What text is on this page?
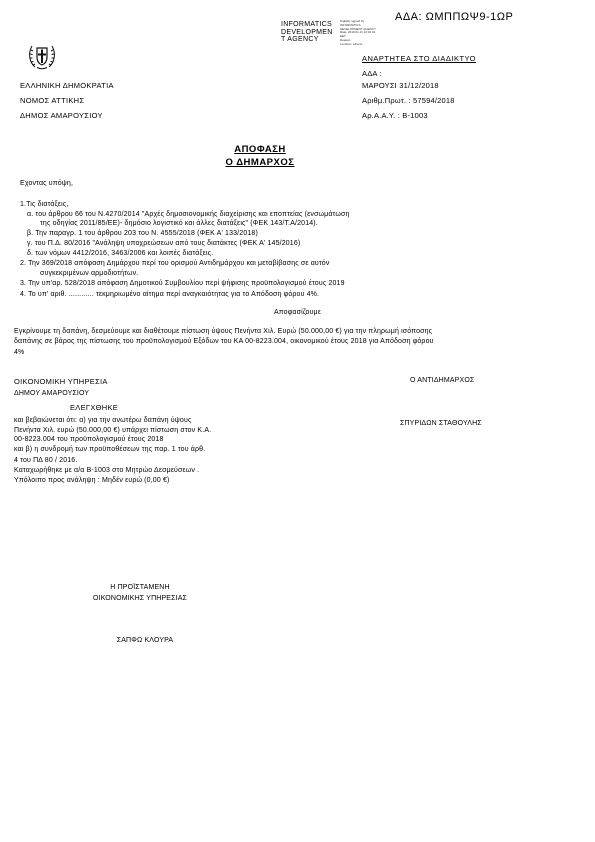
ΑΔΑ: ΩΜΠΠΩΨ9-1ΩΡ
INFORMATICS
DEVELOPMEN
T AGENCY
Digitally signed by
INFORMATICS
DEVELOPMENT AGENCY
Date: 2019.01.11 12:32:32
EET
Reason:
Location: Athens
ΕΛΛΗΝΙΚΗ ΔΗΜΟΚΡΑΤΙΑ
ΝΟΜΟΣ ΑΤΤΙΚΗΣ
ΔΗΜΟΣ ΑΜΑΡΟΥΣΙΟΥ
ΑΝΑΡΤΗΤΕΑ ΣΤΟ ΔΙΑΔΙΚΤΥΟ
ΑΔΑ :
ΜΑΡΟΥΣΙ 31/12/2018
Αριθμ.Πρωτ. : 57594/2018
Αρ.Α.Α.Υ. : Β-1003
ΑΠΟΦΑΣΗ
Ο ΔΗΜΑΡΧΟΣ
Εχοντας υπόψη,
1.Τις διατάξεις,
α. του άρθρου 66 του Ν.4270/2014 "Αρχές δημοσιονομικής διαχείρισης και εποπτείας (ενσωμάτωση
της οδηγίας 2011/85/ΕΕ)- δημόσιο λογιστικό και άλλες διατάξεις" (ΦΕΚ 143/Τ.Α/2014).
β. Την παραγρ. 1 του άρθρου 203 του Ν. 4555/2018 (ΦΕΚ Α' 133/2018)
γ. του Π.Δ. 80/2016 "Ανάληψη υποχρεώσεων από τους διατάκτες (ΦΕΚ Α' 145/2016)
δ. των νόμων 4412/2016, 3463/2006 και λοιπές διατάξεις.
2. Την 369/2018 απόφαση Δημάρχου περί του ορισμού Αντιδημάρχου και μεταβίβασης σε αυτόν
συγκεκριμένων αρμοδιοτήτων.
3. Την υπ'αρ. 528/2018 απόφαση Δημοτικού Συμβουλίου περί ψήφισης προϋπολογισμού έτους 2019
4. Το υπ' αριθ. ............ τεκμηριωμένο αίτημα περί αναγκαιότητας για το Απόδοση φόρου 4%.
Αποφασίζουμε
Εγκρίνουμε τη δαπάνη, δεσμεύουμε και διαθέτουμε πίστωση ύψους Πενήντα Χιλ. Ευρώ (50.000,00 €) για την πληρωμή ισόποσης
δαπάνης σε βάρος της πίστωσης του προϋπολογισμού Εξόδων του ΚΑ 00-8223.004, οικονομικού έτους 2018 για Απόδοση φόρου
4%
ΟΙΚΟΝΟΜΙΚΗ ΥΠΗΡΕΣΙΑ
ΔΗΜΟΥ ΑΜΑΡΟΥΣΙΟΥ
ΕΛΕΓΧΘΗΚΕ
και βεβαιώνεται ότι: α) για την ανωτέρω δαπάνη ύψους
Πενήντα Χιλ. ευρώ (50.000,00 €) υπάρχει πίστωση στον Κ.Α.
00-8223.004 του προϋπολογισμού έτους 2018
και β) η συνδρομή των προϋποθέσεων της παρ. 1 του άρθ.
4 του ΠΔ 80 / 2016.
Καταχωρήθηκε με α/α Β-1003 στο Μητρώο Δεσμεύσεων .
Υπόλοιπο προς ανάληψη : Μηδέν ευρώ (0,00 €)
Ο ΑΝΤΙΔΗΜΑΡΧΟΣ
ΣΠΥΡΙΔΩΝ ΣΤΑΘΟΥΛΗΣ
Η ΠΡΟΪΣΤΑΜΕΝΗ
ΟΙΚΟΝΟΜΙΚΗΣ ΥΠΗΡΕΣΙΑΣ
ΣΑΠΦΩ ΚΛΟΥΡΑ
